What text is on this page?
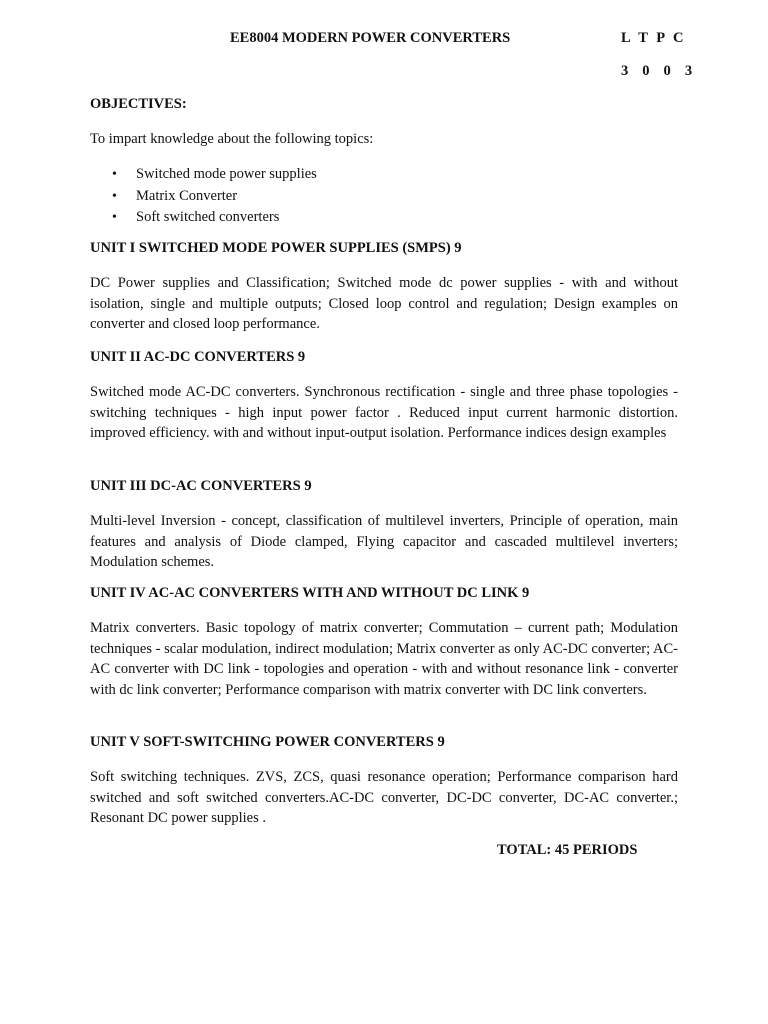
EE8004 MODERN POWER CONVERTERS	L T P C

3 0 0 3

OBJECTIVES:

To impart knowledge about the following topics:

• Switched mode power supplies
• Matrix Converter
• Soft switched converters

UNIT I SWITCHED MODE POWER SUPPLIES (SMPS) 9

DC Power supplies and Classification; Switched mode dc power supplies - with and without isolation, single and multiple outputs; Closed loop control and regulation; Design examples on converter and closed loop performance.

UNIT II AC-DC CONVERTERS 9

Switched mode AC-DC converters. Synchronous rectification - single and three phase topologies - switching techniques - high input power factor . Reduced input current harmonic distortion. improved efficiency. with and without input-output isolation. Performance indices design examples

UNIT III DC-AC CONVERTERS 9

Multi-level Inversion - concept, classification of multilevel inverters, Principle of operation, main features and analysis of Diode clamped, Flying capacitor and cascaded multilevel inverters; Modulation schemes.

UNIT IV AC-AC CONVERTERS WITH AND WITHOUT DC LINK 9

Matrix converters. Basic topology of matrix converter; Commutation – current path; Modulation techniques - scalar modulation, indirect modulation; Matrix converter as only AC-DC converter; AC-AC converter with DC link - topologies and operation - with and without resonance link - converter with dc link converter; Performance comparison with matrix converter with DC link converters.

UNIT V SOFT-SWITCHING POWER CONVERTERS 9

Soft switching techniques. ZVS, ZCS, quasi resonance operation; Performance comparison hard switched and soft switched converters.AC-DC converter, DC-DC converter, DC-AC converter.; Resonant DC power supplies .

TOTAL: 45 PERIODS
